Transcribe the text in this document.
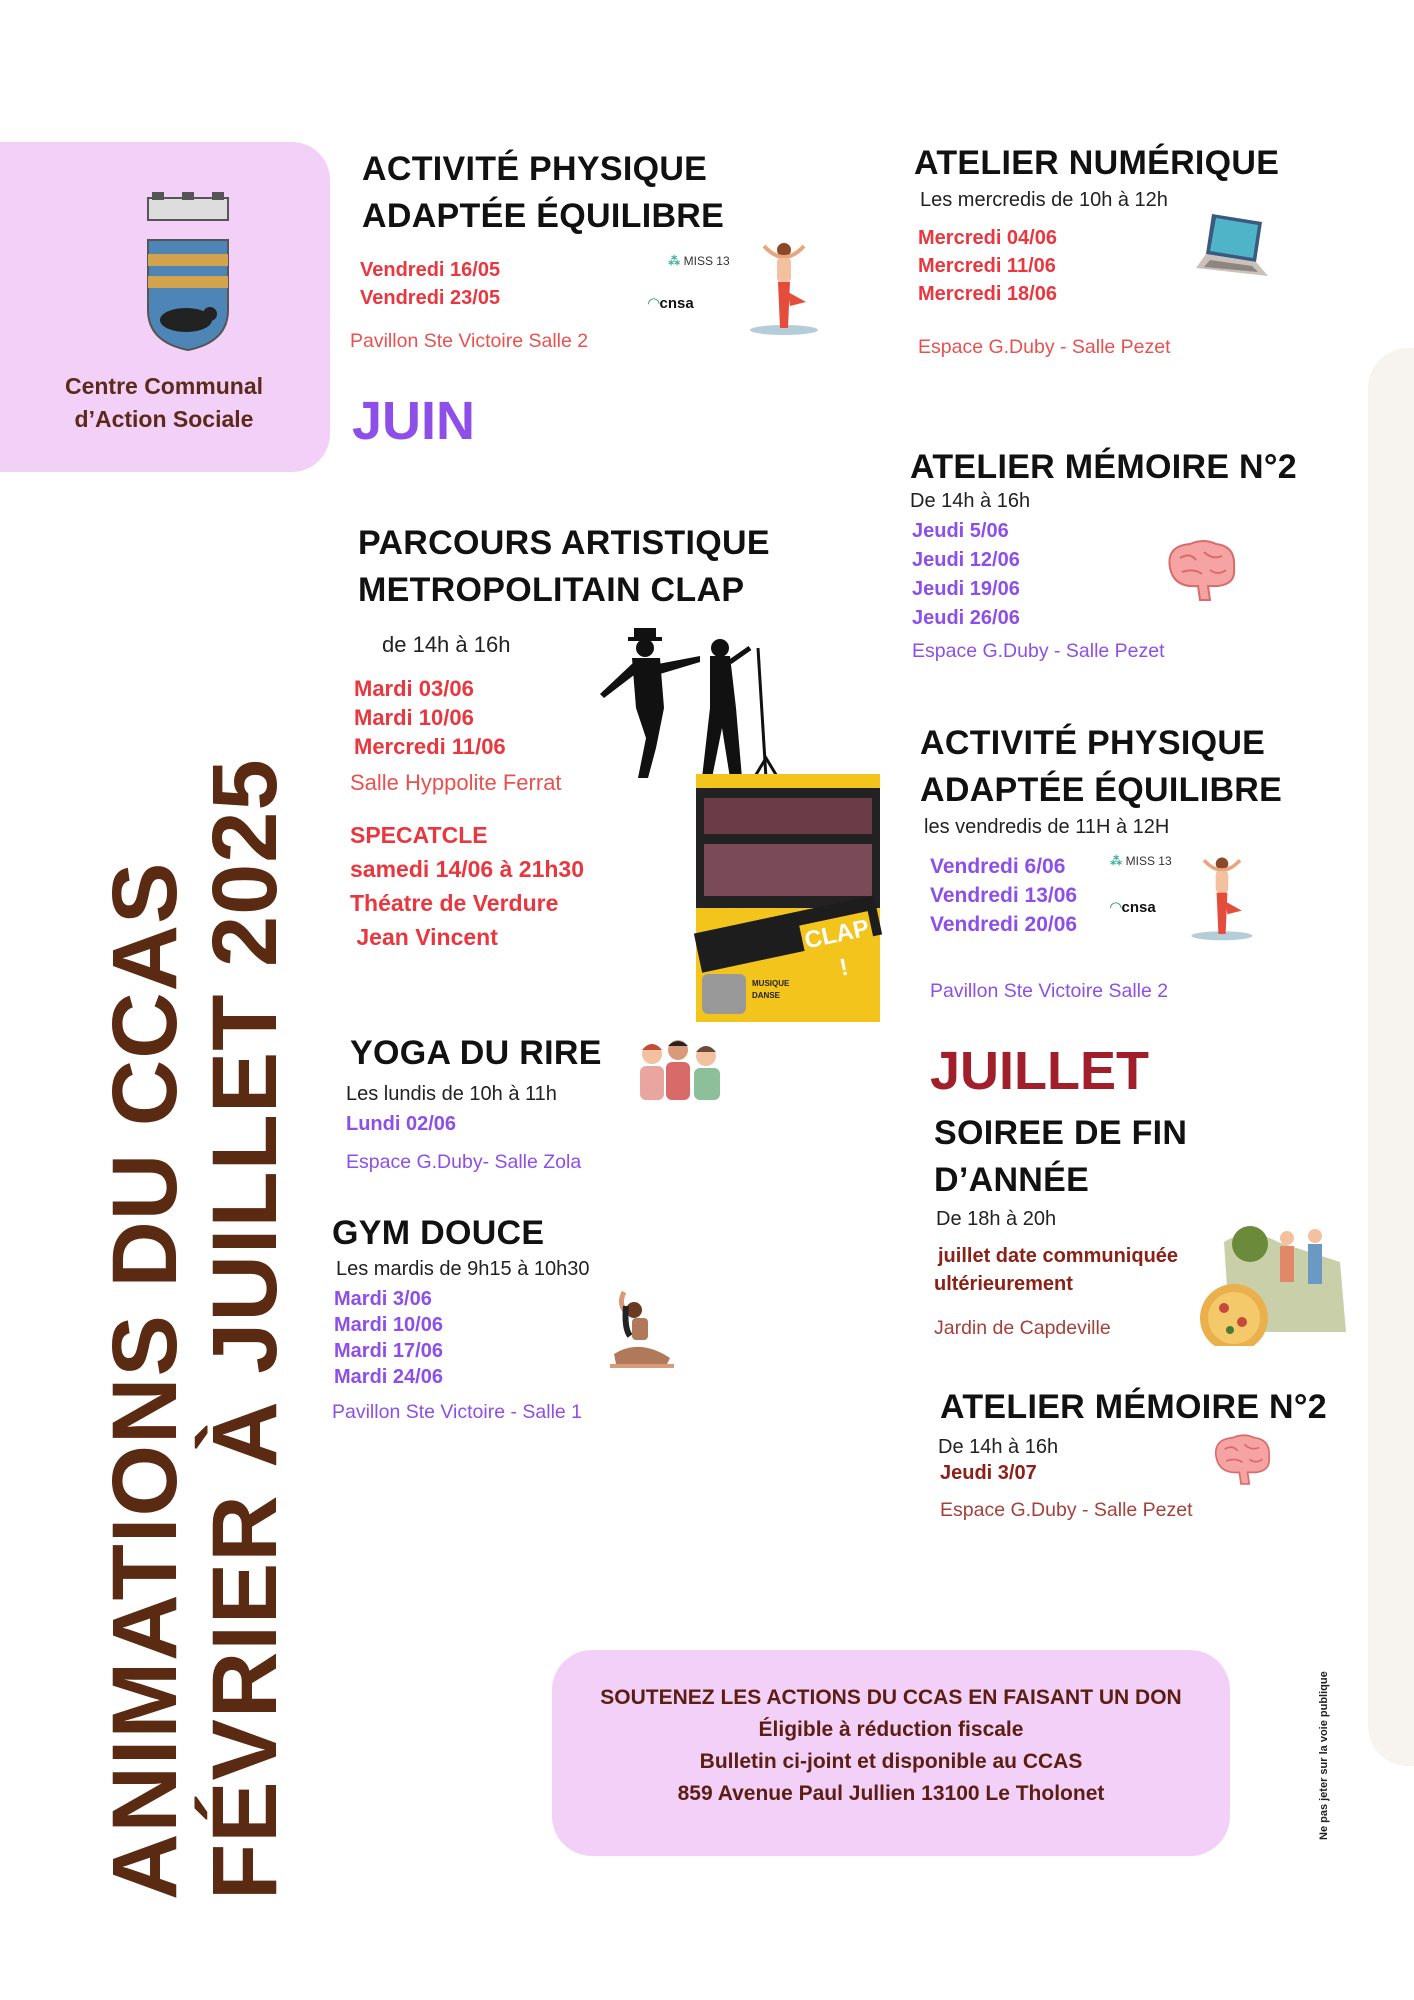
Centre Communal
d’Action Sociale
ANIMATIONS DU CCAS
FÉVRIER À JUILLET 2025
ACTIVITÉ PHYSIQUE
ADAPTÉE ÉQUILIBRE
Vendredi 16/05
Vendredi 23/05
Pavillon Ste Victoire Salle 2
⁂ MISS 13
◠cnsa
ATELIER NUMÉRIQUE
Les mercredis de 10h à 12h
Mercredi 04/06
Mercredi 11/06
Mercredi 18/06
Espace G.Duby - Salle Pezet
JUIN
ATELIER MÉMOIRE N°2
De 14h à 16h
Jeudi 5/06
Jeudi 12/06
Jeudi 19/06
Jeudi 26/06
Espace G.Duby - Salle Pezet
PARCOURS ARTISTIQUE
METROPOLITAIN CLAP
de 14h à 16h
Mardi 03/06
Mardi 10/06
Mercredi 11/06
Salle Hyppolite Ferrat
SPECATCLE
samedi 14/06 à 21h30
Théatre de Verdure
Jean Vincent	CLAP !
MUSIQUE
DANSE
ACTIVITÉ PHYSIQUE
ADAPTÉE ÉQUILIBRE
les vendredis de 11H à 12H
Vendredi 6/06
Vendredi 13/06
Vendredi 20/06
Pavillon Ste Victoire Salle 2
⁂ MISS 13
◠cnsa
YOGA DU RIRE
Les lundis de 10h à 11h
Lundi 02/06
Espace G.Duby- Salle Zola
JUILLET
SOIREE DE FIN
D’ANNÉE
De 18h à 20h
juillet date communiquée
ultérieurement
Jardin de Capdeville
GYM DOUCE
Les mardis de 9h15 à 10h30
Mardi 3/06
Mardi 10/06
Mardi 17/06
Mardi 24/06
Pavillon Ste Victoire - Salle 1	ATELIER MÉMOIRE N°2
De 14h à 16h
Jeudi 3/07
Espace G.Duby - Salle Pezet
SOUTENEZ LES ACTIONS DU CCAS EN FAISANT UN DON
Éligible à réduction fiscale
Bulletin ci-joint et disponible au CCAS
859 Avenue Paul Jullien 13100 Le Tholonet	Ne pas jeter sur la voie publique
